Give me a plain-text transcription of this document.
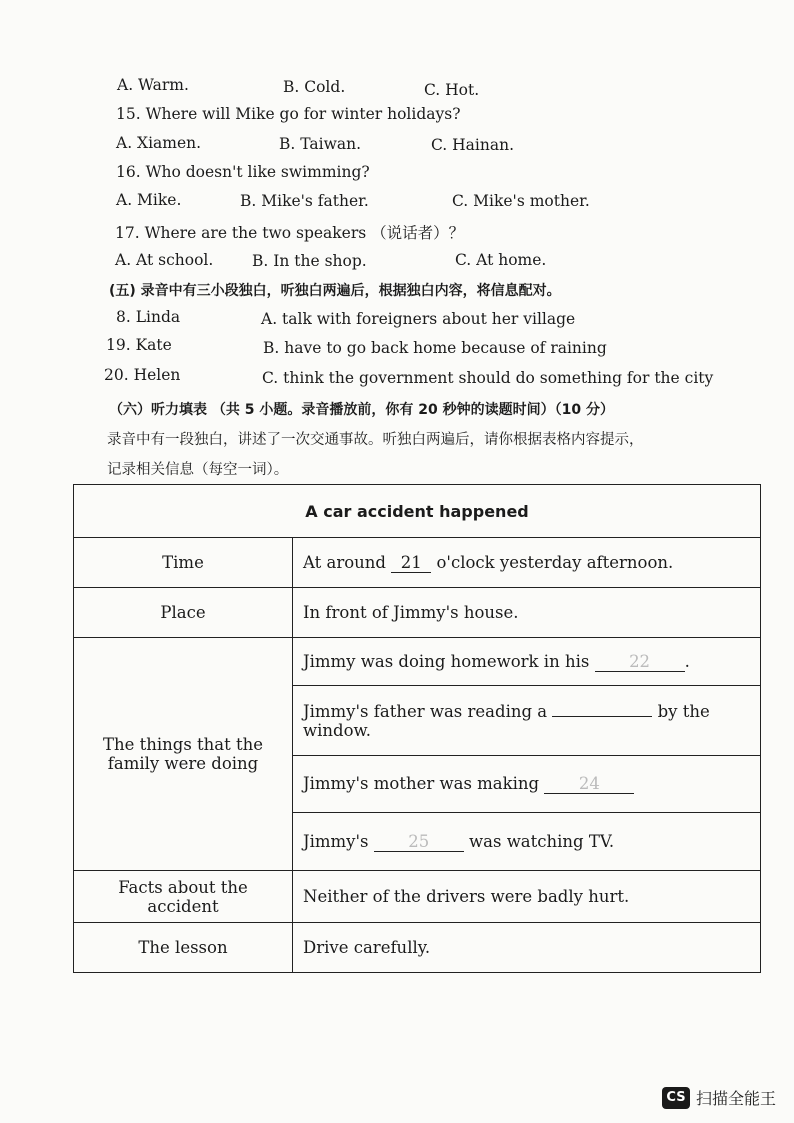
A. Warm.	B. Cold.	C. Hot.
15. Where will Mike go for winter holidays?
A. Xiamen.	B. Taiwan.	C. Hainan.
16. Who doesn't like swimming?
A. Mike.	B. Mike's father.	C. Mike's mother.
17. Where are the two speakers （说话者）？
A. At school. B. In the shop.	C. At home.
(五) 录音中有三小段独白，听独白两遍后，根据独白内容，将信息配对。
8. Linda	A. talk with foreigners about her village
19. Kate	B. have to go back home because of raining
20. Helen	C. think the government should do something for the city
（六）听力填表 （共 5 小题。录音播放前，你有 20 秒钟的读题时间）（10 分）
录音中有一段独白，讲述了一次交通事故。听独白两遍后，请你根据表格内容提示，
记录相关信息（每空一词）。
A car accident happened	
Time	At around 21 o'clock yesterday afternoon.
Place	In front of Jimmy's house.
The things that the family were doing	Jimmy was doing homework in his 22 .
	Jimmy's father was reading a by the window.
	Jimmy's mother was making 24
	Jimmy's 25 was watching TV.
Facts about the accident	Neither of the drivers were badly hurt.
The lesson	Drive carefully.
CS 扫描全能王
